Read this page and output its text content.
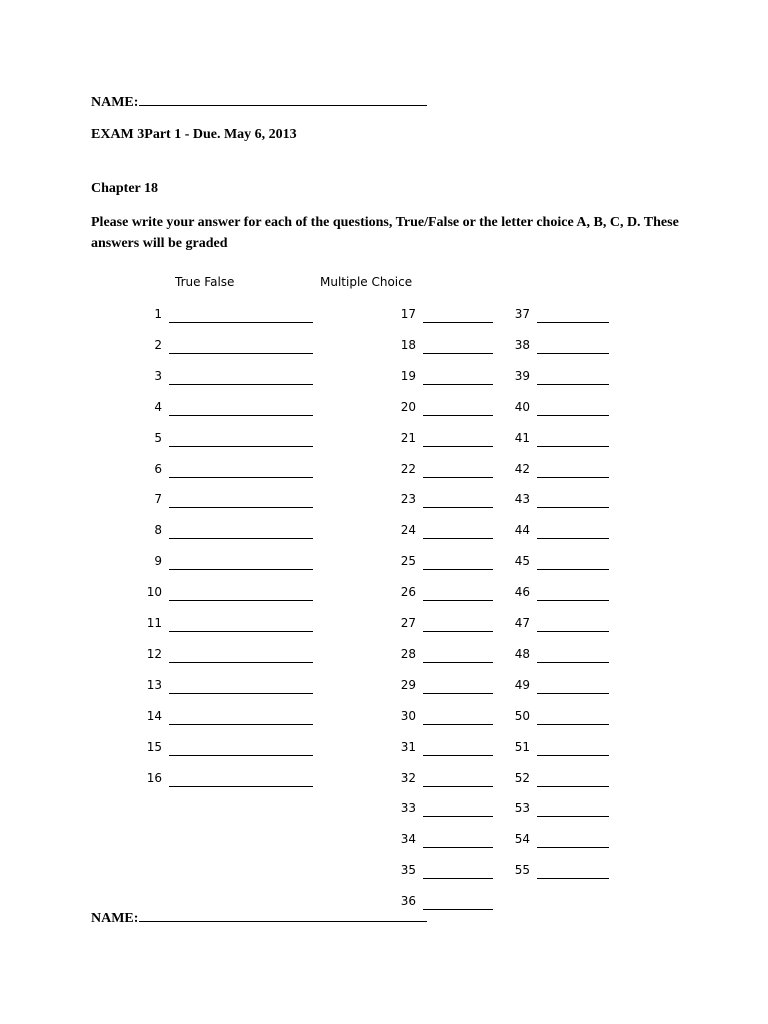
NAME:
EXAM 3Part 1 - Due. May 6, 2013
Chapter 18
Please write your answer for each of the questions, True/False or the letter choice A, B, C, D. These answers will be graded
True False	Multiple Choice
1
2
3
4
5
6
7
8
9
10
11
12
13
14
15
16
17
18
19
20
21
22
23
24
25
26
27
28
29
30
31
32
33
34
35
36
37
38
39
40
41
42
43
44
45
46
47
48
49
50
51
52
53
54
55
NAME:
